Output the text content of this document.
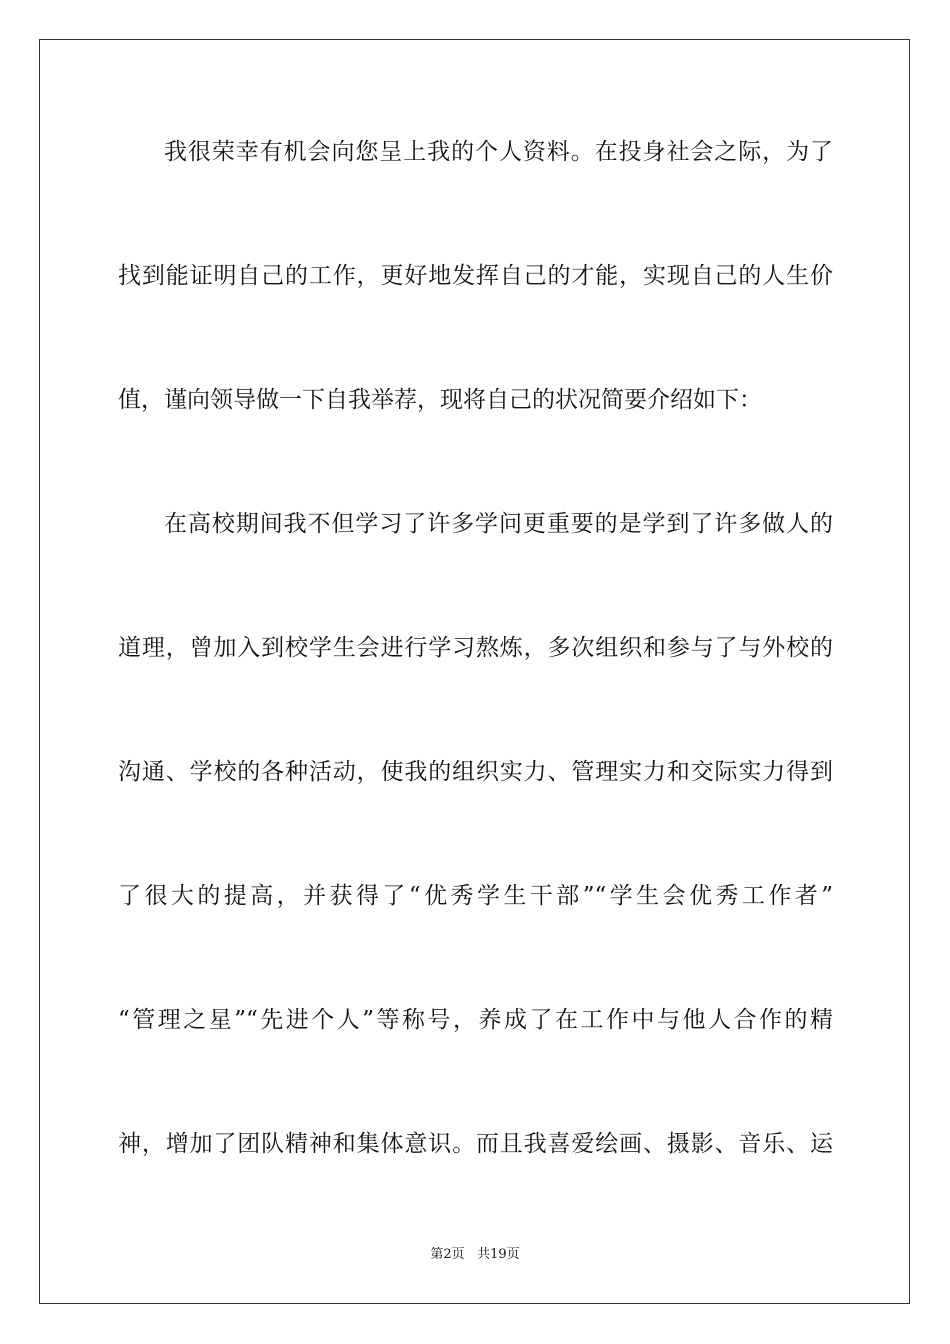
我很荣幸有机会向您呈上我的个人资料。在投身社会之际，为了
找到能证明自己的工作，更好地发挥自己的才能，实现自己的人生价
值，谨向领导做一下自我举荐，现将自己的状况简要介绍如下：
在高校期间我不但学习了许多学问更重要的是学到了许多做人的
道理，曾加入到校学生会进行学习熬炼，多次组织和参与了与外校的
沟通、学校的各种活动，使我的组织实力、管理实力和交际实力得到
了很大的提高，并获得了“优秀学生干部”“学生会优秀工作者”
“管理之星”“先进个人”等称号，养成了在工作中与他人合作的精
神，增加了团队精神和集体意识。而且我喜爱绘画、摄影、音乐、运
第2页 共19页
